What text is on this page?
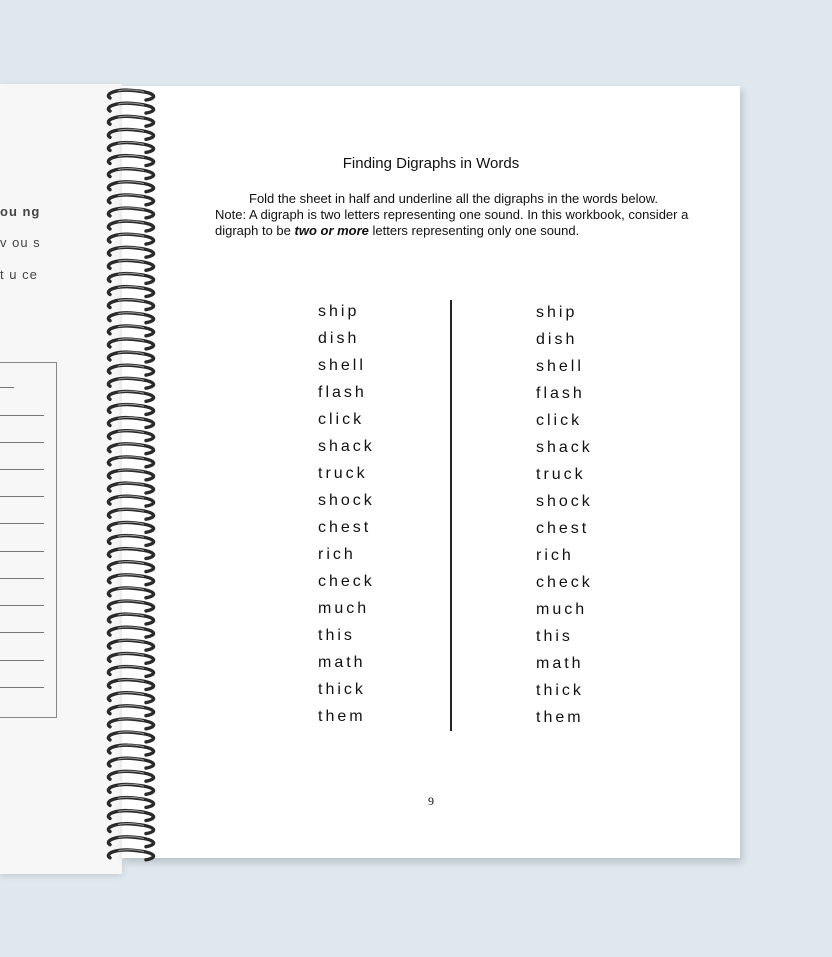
ou ng
v ou s
t u ce
Finding Digraphs in Words

Fold the sheet in half and underline all the digraphs in the words below.

Note: A digraph is two letters representing one sound. In this workbook, consider a digraph to be two or more letters representing only one sound.

ship
dish
shell
flash
click
shack
truck
shock
chest
rich
check
much
this
math
thick
them
ship
dish
shell
flash
click
shack
truck
shock
chest
rich
check
much
this
math
thick
them
9
